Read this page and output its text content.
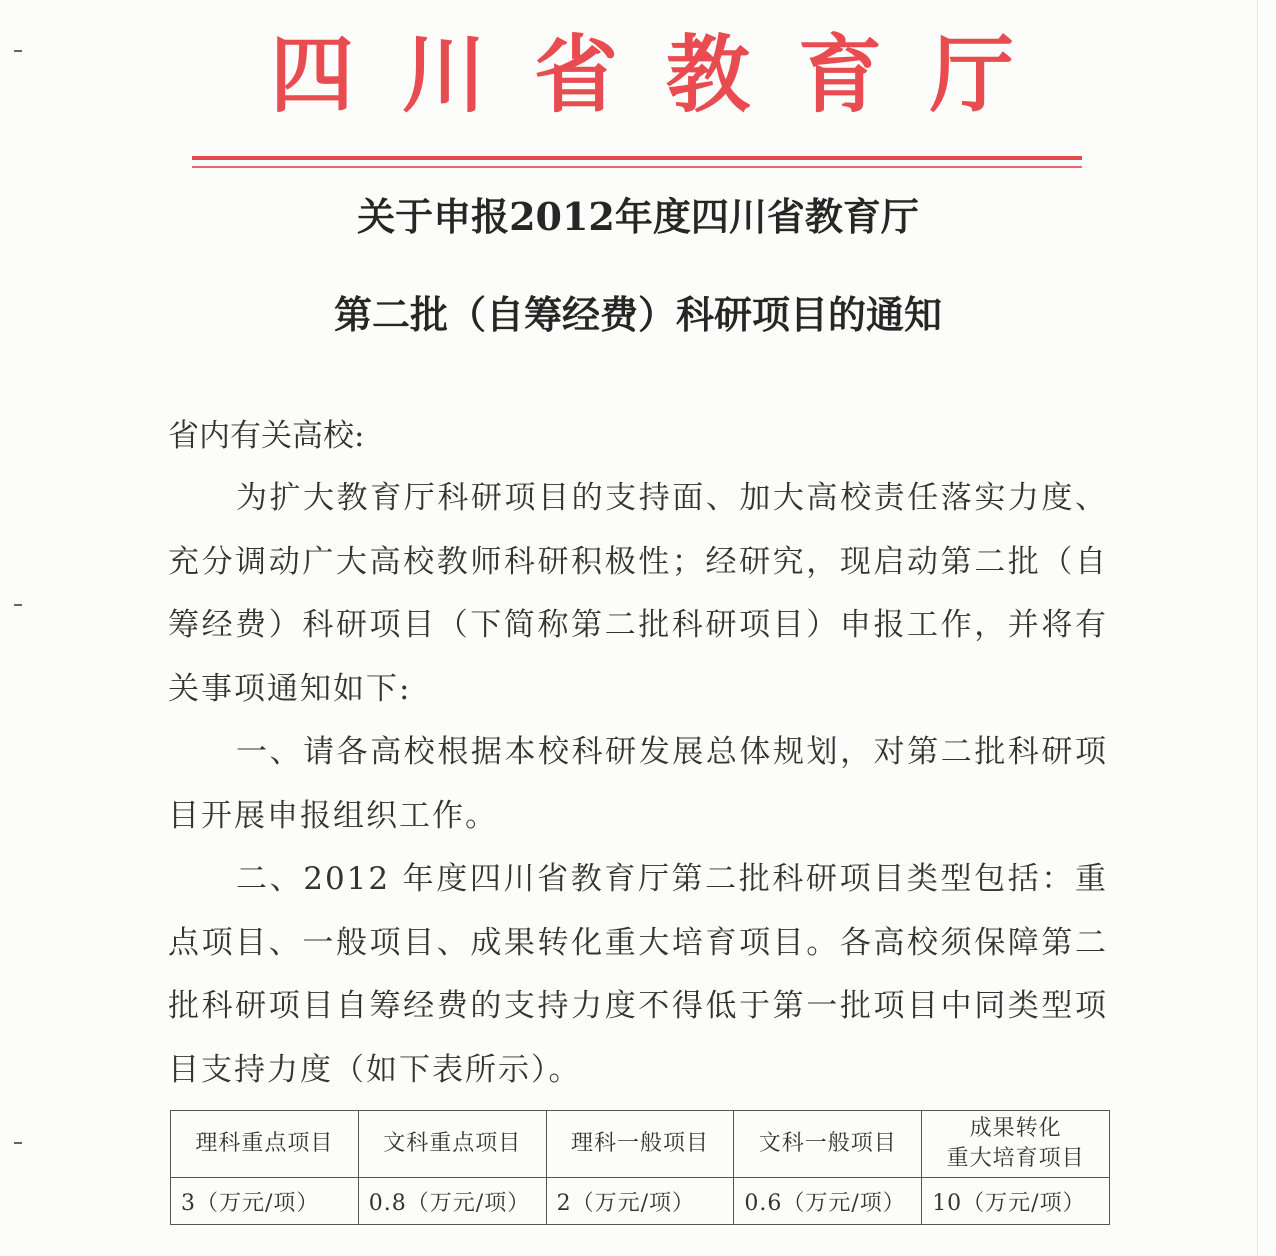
四 川 省 教 育 厅
关于申报2012年度四川省教育厅
第二批（自筹经费）科研项目的通知
省内有关高校:
为扩大教育厅科研项目的支持面、加大高校责任落实力度、充分调动广大高校教师科研积极性；经研究，现启动第二批（自筹经费）科研项目（下简称第二批科研项目）申报工作，并将有关事项通知如下:
一、请各高校根据本校科研发展总体规划，对第二批科研项目开展申报组织工作。
二、2012 年度四川省教育厅第二批科研项目类型包括：重点项目、一般项目、成果转化重大培育项目。各高校须保障第二批科研项目自筹经费的支持力度不得低于第一批项目中同类型项目支持力度（如下表所示）。
理科重点项目	文科重点项目	理科一般项目	文科一般项目	成果转化
重大培育项目

3（万元/项）	0.8（万元/项）	2（万元/项）	0.6（万元/项）	10（万元/项）
